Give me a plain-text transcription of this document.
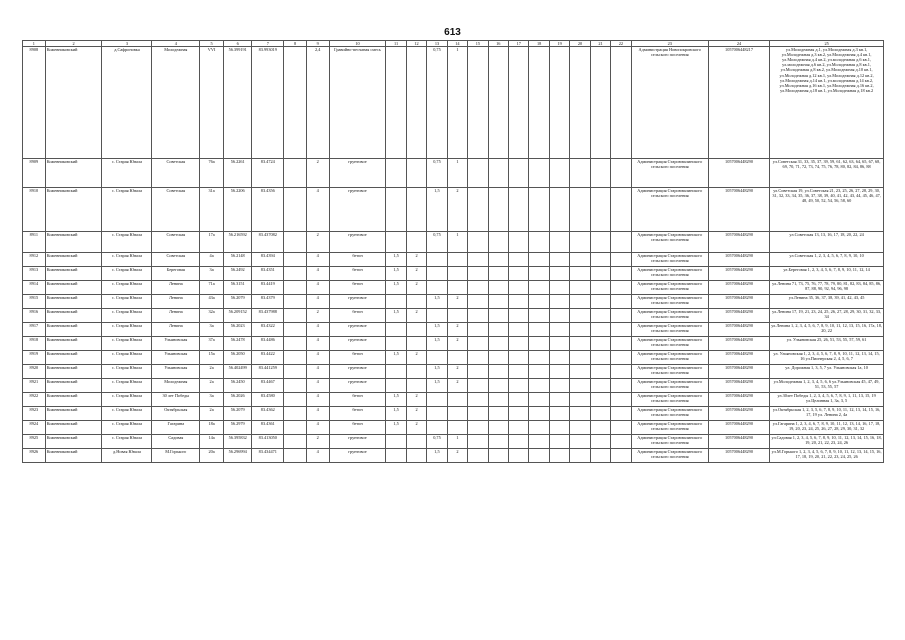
613
1	2	3	4	5	6	7	8	9	10	11	12	13	14	15	16	17	18	19	20	21	22	23	24	25
8908	Кожевниковский	д.Сафроновка	Молодежная	VVI	56.399191	83.993019		2,4	Гравийно-песчаная смесь			0,75	1									Администрация Новопокровского сельского поселения	1057006448217	ул.Молодежная д.1, ул.Молодежная д.3 кв.1, ул.Молодежная д.3 кв.2, ул.Молодежная д.4 кв.1, ул.Молодежная д.4 кв.2, ул.молодежная д.6 кв.1, ул.молодежная д.6 кв.2, ул.Молодежная д.8 кв.1, ул.Молодежная д.8 кв.2, ул.Молодежная д.10 кв.1, ул.Молодежная д.12 кв.1, ул.Молодежная д.12 кв.2, ул.Молодежная д.14 кв.1, ул.молодежная д.14 кв.2, ул.Молодежная д.16 кв.1, ул.Молодежная д.16 кв.2, ул.Молодежная д.18 кв.1, ул.Молодежная д.18 кв.2
8909	Кожевниковский	с. Старая Ювала	Советская	76а	56.2261	83.4724		2	грунтовое			0,75	1									Администрация Староювалинского сельского поселения	1057006448290	ул.Советская 31, 33, 35, 37, 39, 59, 61, 62, 63, 64, 65, 67, 68, 69, 70, 71, 72, 73, 74, 75, 76, 78, 80, 82, 84, 86, 88
8910	Кожевниковский	с. Старая Ювала	Советская	31а	56.2206	83.4356		4	грунтовое			1,5	2									Администрация Староювалинского сельского поселения	1057006448290	ул.Советская 19, ул.Советская 21, 23, 25, 26, 27, 28, 29, 30, 31, 32, 33, 34, 35, 36, 37, 38, 39, 40, 41, 42, 43, 44, 45, 46, 47, 48, 49, 50, 52, 54, 56, 58, 60
8911	Кожевниковский	с. Старая Ювала	Советская	17а	56.216592	83.437082		2	грунтовое			0,75	1									Администрация Староювалинского сельского поселения	1057006448290	ул.Советская 13, 13, 16, 17, 18, 20, 22, 24
8912	Кожевниковский	с. Старая Ювала	Советская	4а	56.2148	83.4394		4	бетон	1,5	2											Администрация Староювалинского сельского поселения	1057006448290	ул.Советская 1, 2, 3, 4, 5, 6, 7, 8, 9, 10, 10
8913	Кожевниковский	с. Старая Ювала	Береговая	3а	56.2492	83.4351		4	бетон	1,5	2											Администрация Староювалинского сельского поселения	1057006448290	ул.Береговая 1, 2, 3, 4, 5, 6, 7, 8, 9, 10, 11, 12, 14
8914	Кожевниковский	с. Старая Ювала	Ленина	71а	56.3151	83.4419		4	бетон	1,5	2											Администрация Староювалинского сельского поселения	1057006448290	ул.Ленина 71, 73, 75, 76, 77, 78, 79, 80, 81, 82, 83, 84, 85, 86, 87, 88, 90, 92, 94, 96, 98
8915	Кожевниковский	с. Старая Ювала	Ленина	43а	56.2079	83.4379		4	грунтовое			1,5	2									Администрация Староювалинского сельского поселения	1057006448290	ул.Ленина 35, 36, 37, 38, 39, 41, 42, 43, 45
8916	Кожевниковский	с. Старая Ювала	Ленина	32а	56.209152	83.437988		2	бетон	1,5	2											Администрация Староювалинского сельского поселения	1057006448290	ул.Ленина 17, 19, 21, 23, 24, 25, 26, 27, 28, 29, 30, 31, 32, 33, 34
8917	Кожевниковский	с. Старая Ювала	Ленина	3а	56.2023	83.4322		4	грунтовое			1,5	2									Администрация Староювалинского сельского поселения	1057006448290	ул.Ленина 1, 2, 3, 4, 5, 6, 7, 8, 9, 10, 11, 12, 13, 15, 16, 17а, 18, 20, 22
8918	Кожевниковский	с. Старая Ювала	Ульяновская	37а	56.2478	83.4486		4	грунтовое			1,5	2									Администрация Староювалинского сельского поселения	1057006448290	ул. Ульяновская 25, 26, 51, 53, 55, 57, 59, 61
8919	Кожевниковский	с. Старая Ювала	Ульяновская	15а	56.2050	83.4422		4	бетон	1,5	2											Администрация Староювалинского сельского поселения	1057006448290	ул. Ульяновская 1, 2, 3, 4, 5, 6, 7, 8, 9, 10, 11, 12, 13, 14, 15, 16 ул.Пионерская 2, 4, 5, 6, 7
8920	Кожевниковский	с. Старая Ювала	Ульяновская	2а	56.402499	83.441259		4	грунтовое			1,5	2									Администрация Староювалинского сельского поселения	1057006448290	ул. Дорожная 1, 3, 5, 7 ул. Ульяновская 1а, 10
8921	Кожевниковский	с. Старая Ювала	Молодежная	2а	56.2450	83.4467		4	грунтовое			1,5	2									Администрация Староювалинского сельского поселения	1057006448290	ул.Молодежная 1, 2, 3, 4, 5, 6, 6 ул.Ульяновская 45, 47, 49, 51, 53, 55, 57
8922	Кожевниковский	с. Старая Ювала	30 лет Победы	3а	56.2026	83.4580		4	бетон	1,5	2											Администрация Староювалинского сельского поселения	1057006448290	ул.30лет Победы 1, 2, 3, 4, 5, 6, 7, 8, 9, 1, 11, 13, 15, 19 ул.Целинная 1, 3а, 3, 5
8923	Кожевниковский	с. Старая Ювала	Октябрьская	2а	56.2079	83.4362		4	бетон	1,5	2											Администрация Староювалинского сельского поселения	1057006448290	ул.Октябрьская 1, 2, 3, 5, 6, 7, 8, 9, 10, 11, 12, 13, 14, 15, 16, 17, 19 ул. Ленина 2, 4а
8924	Кожевниковский	с. Старая Ювала	Гагарина	18а	56.2979	83.4361		4	бетон	1,5	2											Администрация Староювалинского сельского поселения	1057006448290	ул.Гагарина 1, 2, 3, 4, 6, 7, 8, 9, 10, 11, 12, 13, 14, 16, 17, 18, 19, 20, 23, 24, 25, 26, 27, 28, 29, 30, 31, 32
8925	Кожевниковский	с. Старая Ювала	Садовая	14а	56.395832	83.413050		2	грунтовое			0,75	1									Администрация Староювалинского сельского поселения	1057006448290	ул.Садовая 1, 2, 3, 4, 5, 6, 7, 8, 9, 10, 11, 12, 13, 14, 15, 16, 18, 19, 20, 21, 22, 23, 24, 26
8926	Кожевниковский	д.Новая Ювала	М.Горького	20а	56.296994	83.434471		4	грунтовое			1,5	2									Администрация Староювалинского сельского поселения	1057006448290	ул.М.Горького 1, 2, 3, 4, 5, 6, 7, 8, 9, 10, 11, 12, 13, 14, 15, 16, 17, 18, 19, 20, 21, 22, 23, 24, 25, 26
